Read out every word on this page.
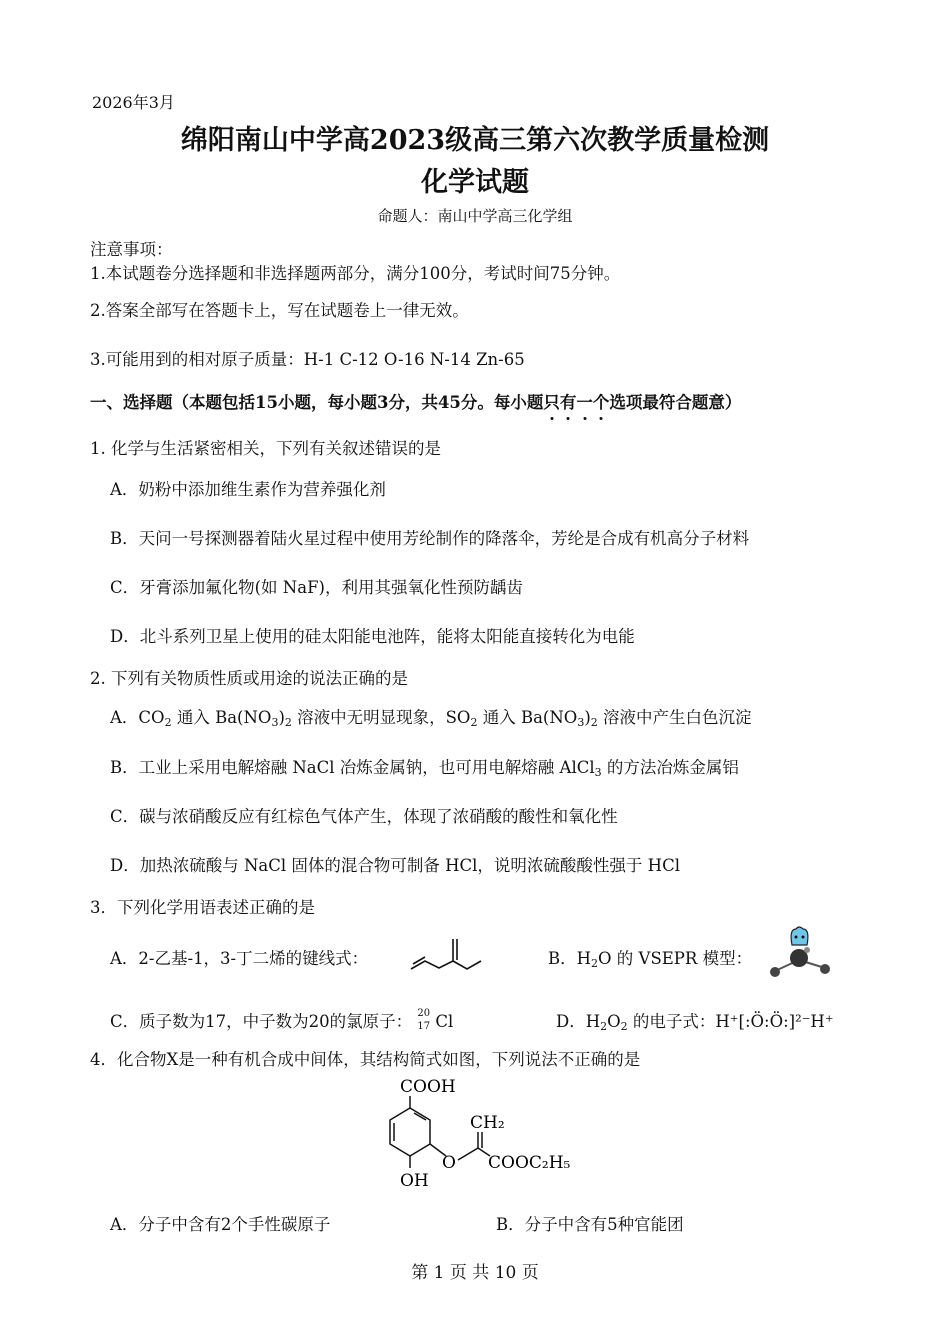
2026年3月
绵阳南山中学高2023级高三第六次教学质量检测
化学试题
命题人：南山中学高三化学组
注意事项：
1.本试题卷分选择题和非选择题两部分，满分100分，考试时间75分钟。
2.答案全部写在答题卡上，写在试题卷上一律无效。
3.可能用到的相对原子质量：H-1 C-12 O-16 N-14 Zn-65
一、选择题（本题包括15小题，每小题3分，共45分。每小题只有一个选项最符合题意）
1. 化学与生活紧密相关，下列有关叙述错误的是
A．奶粉中添加维生素作为营养强化剂
B．天问一号探测器着陆火星过程中使用芳纶制作的降落伞，芳纶是合成有机高分子材料
C．牙膏添加氟化物(如 NaF)，利用其强氧化性预防龋齿
D．北斗系列卫星上使用的硅太阳能电池阵，能将太阳能直接转化为电能
2. 下列有关物质性质或用途的说法正确的是
A．$CO_2$ 通入 $Ba(NO_3)_2$ 溶液中无明显现象，$SO_2$ 通入 $Ba(NO_3)_2$ 溶液中产生白色沉淀
B．工业上采用电解熔融 NaCl 冶炼金属钠，也可用电解熔融 AlCl$_3$ 的方法冶炼金属铝
C．碳与浓硝酸反应有红棕色气体产生，体现了浓硝酸的酸性和氧化性
D．加热浓硫酸与 NaCl 固体的混合物可制备 HCl，说明浓硫酸酸性强于 HCl
3．下列化学用语表述正确的是
A．2-乙基-1，3-丁二烯的键线式：	B．$H_2O$ 的 VSEPR 模型：
C．质子数为17，中子数为20的氯原子： 20
17 Cl	D．$H_2O_2$ 的电子式：H⁺[:Ö:Ö:]²⁻H⁺
4．化合物X是一种有机合成中间体，其结构简式如图，下列说法不正确的是
COOH
OH
O
CH₂
COOC₂H₅
A．分子中含有2个手性碳原子	B．分子中含有5种官能团
第 1 页 共 10 页
